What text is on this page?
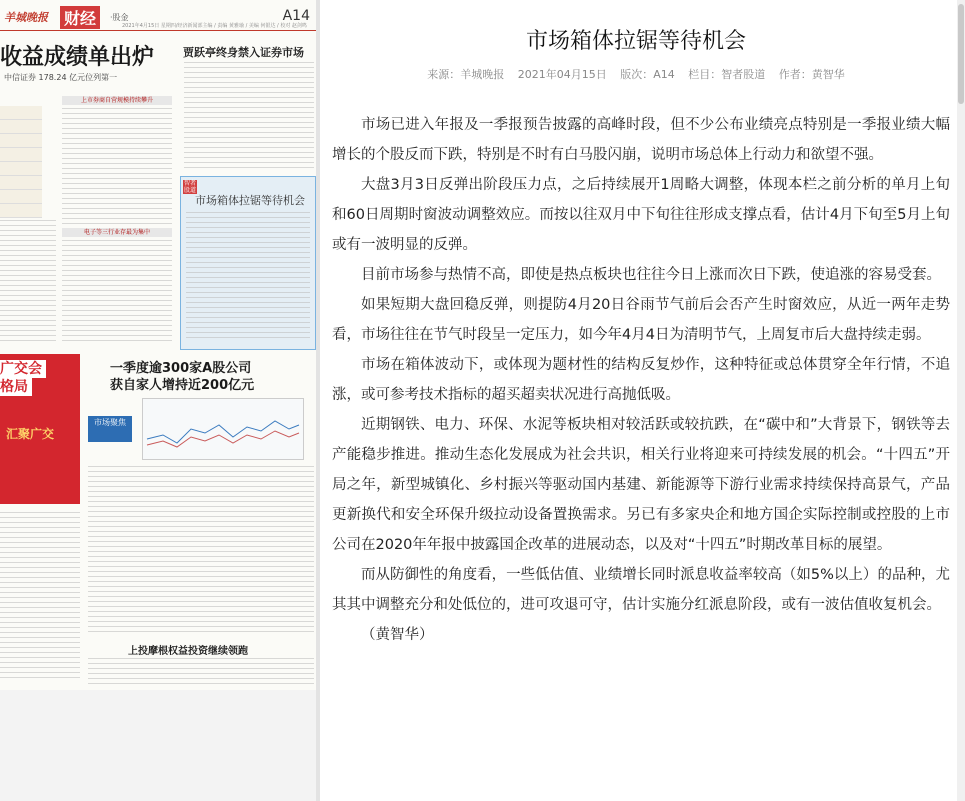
羊城晚报 财经	·股金
2021年4月15日 星期四/经济新闻部主编 / 责编 黄雅瑜 / 美编 何银达 / 校对 赵剑鸣
A14
收益成绩单出炉
中信证券 178.24 亿元位列第一
贾跃亭终身禁入证券市场
上市券商自营规模持续攀升
电子等三行业存最为集中
智者股道
市场箱体拉锯等待机会
广交会
格局
汇聚广交
一季度逾300家A股公司
获自家人增持近200亿元
市场聚焦
上投摩根权益投资继续领跑
市场箱体拉锯等待机会
来源：羊城晚报 2021年04月15日 版次：A14 栏目：智者股道 作者：黄智华

市场已进入年报及一季报预告披露的高峰时段，但不少公布业绩亮点特别是一季报业绩大幅增长的个股反而下跌，特别是不时有白马股闪崩，说明市场总体上行动力和欲望不强。

大盘3月3日反弹出阶段压力点，之后持续展开1周略大调整，体现本栏之前分析的单月上旬和60日周期时窗波动调整效应。而按以往双月中下旬往往形成支撑点看，估计4月下旬至5月上旬或有一波明显的反弹。

目前市场参与热情不高，即使是热点板块也往往今日上涨而次日下跌，使追涨的容易受套。

如果短期大盘回稳反弹，则提防4月20日谷雨节气前后会否产生时窗效应，从近一两年走势看，市场往往在节气时段呈一定压力，如今年4月4日为清明节气，上周复市后大盘持续走弱。

市场在箱体波动下，或体现为题材性的结构反复炒作，这种特征或总体贯穿全年行情，不追涨，或可参考技术指标的超买超卖状况进行高抛低吸。

近期钢铁、电力、环保、水泥等板块相对较活跃或较抗跌，在“碳中和”大背景下，钢铁等去产能稳步推进。推动生态化发展成为社会共识，相关行业将迎来可持续发展的机会。“十四五”开局之年，新型城镇化、乡村振兴等驱动国内基建、新能源等下游行业需求持续保持高景气，产品更新换代和安全环保升级拉动设备置换需求。另已有多家央企和地方国企实际控制或控股的上市公司在2020年年报中披露国企改革的进展动态，以及对“十四五”时期改革目标的展望。

而从防御性的角度看，一些低估值、业绩增长同时派息收益率较高（如5%以上）的品种，尤其其中调整充分和处低位的，进可攻退可守，估计实施分红派息阶段，或有一波估值收复机会。

（黄智华）
